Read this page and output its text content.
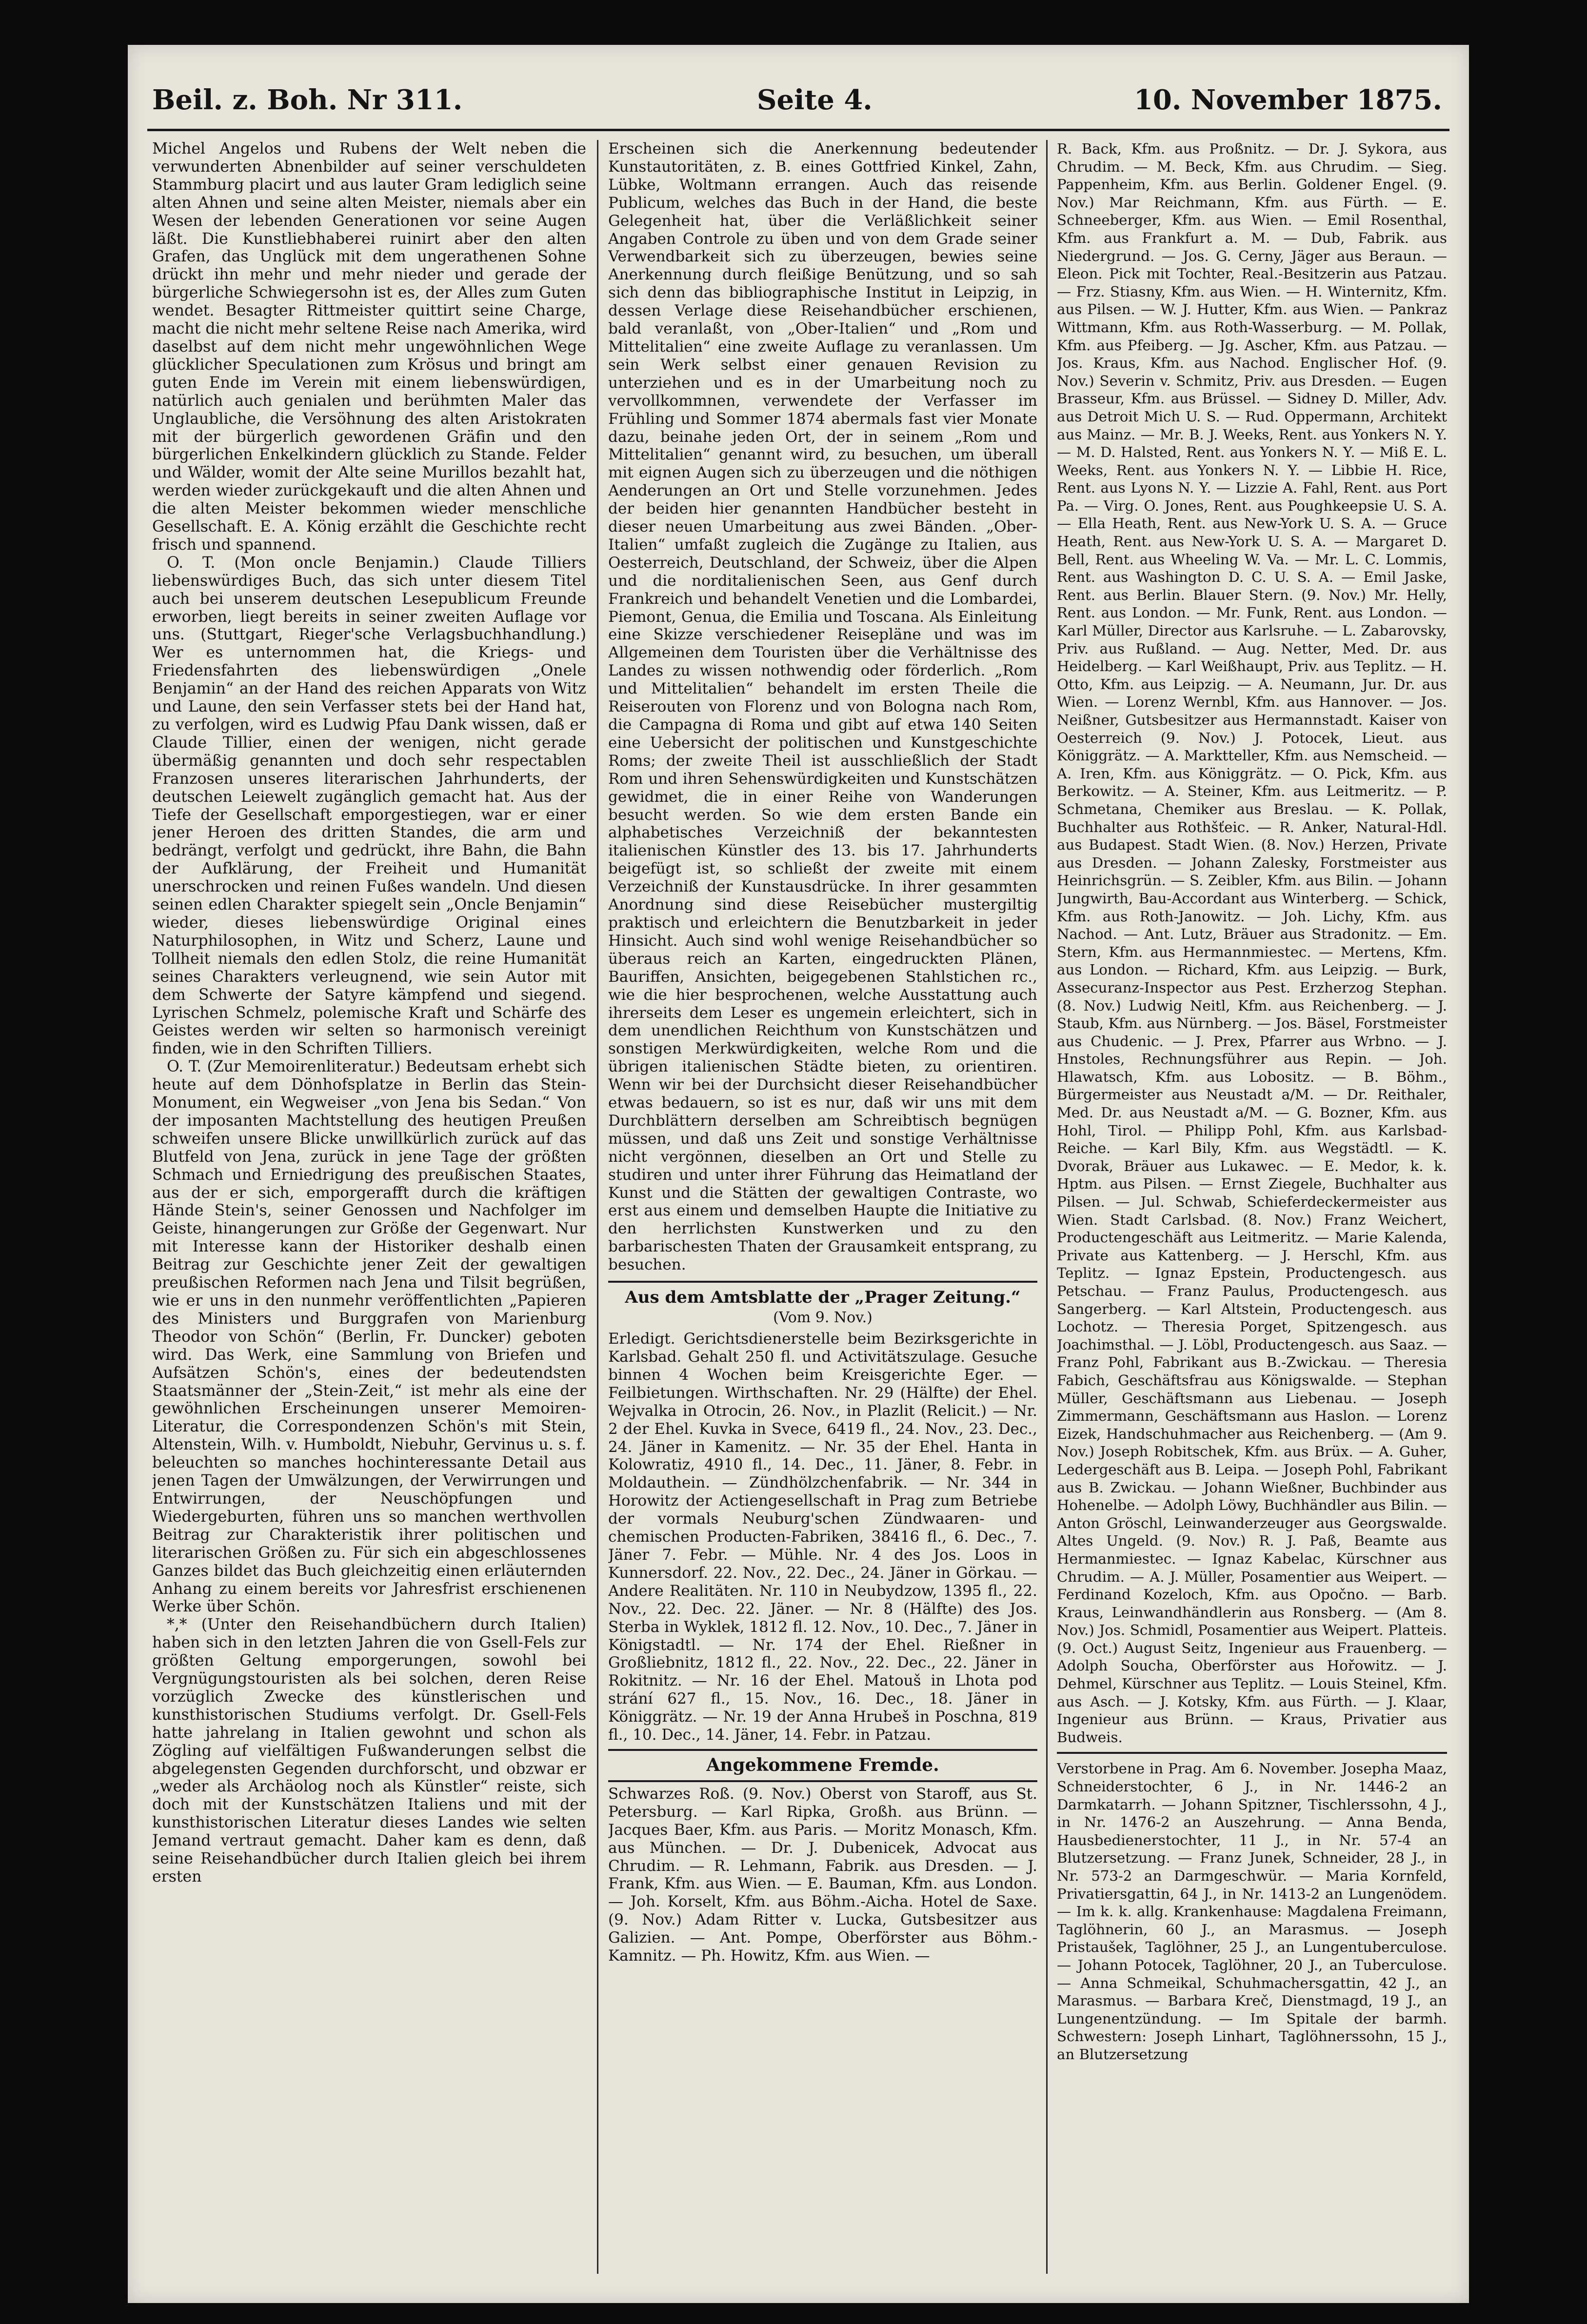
Beil. z. Boh. Nr 311.	Seite 4.	10. November 1875.

Michel Angelos und Rubens der Welt neben die verwunderten Abnenbilder auf seiner verschuldeten Stammburg placirt und aus lauter Gram lediglich seine alten Ahnen und seine alten Meister, niemals aber ein Wesen der lebenden Generationen vor seine Augen läßt. Die Kunstliebhaberei ruinirt aber den alten Grafen, das Unglück mit dem ungerathenen Sohne drückt ihn mehr und mehr nieder und gerade der bürgerliche Schwiegersohn ist es, der Alles zum Guten wendet. Besagter Rittmeister quittirt seine Charge, macht die nicht mehr seltene Reise nach Amerika, wird daselbst auf dem nicht mehr ungewöhnlichen Wege glücklicher Speculationen zum Krösus und bringt am guten Ende im Verein mit einem liebenswürdigen, natürlich auch genialen und berühmten Maler das Unglaubliche, die Versöhnung des alten Aristokraten mit der bürgerlich gewordenen Gräfin und den bürgerlichen Enkelkindern glücklich zu Stande. Felder und Wälder, womit der Alte seine Murillos bezahlt hat, werden wieder zurückgekauft und die alten Ahnen und die alten Meister bekommen wieder menschliche Gesellschaft. E. A. König erzählt die Geschichte recht frisch und spannend.

O. T. (Mon oncle Benjamin.) Claude Tilliers liebenswürdiges Buch, das sich unter diesem Titel auch bei unserem deutschen Lesepublicum Freunde erworben, liegt bereits in seiner zweiten Auflage vor uns. (Stuttgart, Rieger'sche Verlagsbuchhandlung.) Wer es unternommen hat, die Kriegs- und Friedensfahrten des liebenswürdigen „Onele Benjamin“ an der Hand des reichen Apparats von Witz und Laune, den sein Verfasser stets bei der Hand hat, zu verfolgen, wird es Ludwig Pfau Dank wissen, daß er Claude Tillier, einen der wenigen, nicht gerade übermäßig genannten und doch sehr respectablen Franzosen unseres literarischen Jahrhunderts, der deutschen Leiewelt zugänglich gemacht hat. Aus der Tiefe der Gesellschaft emporgestiegen, war er einer jener Heroen des dritten Standes, die arm und bedrängt, verfolgt und gedrückt, ihre Bahn, die Bahn der Aufklärung, der Freiheit und Humanität unerschrocken und reinen Fußes wandeln. Und diesen seinen edlen Charakter spiegelt sein „Oncle Benjamin“ wieder, dieses liebenswürdige Original eines Naturphilosophen, in Witz und Scherz, Laune und Tollheit niemals den edlen Stolz, die reine Humanität seines Charakters verleugnend, wie sein Autor mit dem Schwerte der Satyre kämpfend und siegend. Lyrischen Schmelz, polemische Kraft und Schärfe des Geistes werden wir selten so harmonisch vereinigt finden, wie in den Schriften Tilliers.

O. T. (Zur Memoirenliteratur.) Bedeutsam erhebt sich heute auf dem Dönhofsplatze in Berlin das Stein-Monument, ein Wegweiser „von Jena bis Sedan.“ Von der imposanten Machtstellung des heutigen Preußen schweifen unsere Blicke unwillkürlich zurück auf das Blutfeld von Jena, zurück in jene Tage der größten Schmach und Erniedrigung des preußischen Staates, aus der er sich, emporgerafft durch die kräftigen Hände Stein's, seiner Genossen und Nachfolger im Geiste, hinangerungen zur Größe der Gegenwart. Nur mit Interesse kann der Historiker deshalb einen Beitrag zur Geschichte jener Zeit der gewaltigen preußischen Reformen nach Jena und Tilsit begrüßen, wie er uns in den nunmehr veröffentlichten „Papieren des Ministers und Burggrafen von Marienburg Theodor von Schön“ (Berlin, Fr. Duncker) geboten wird. Das Werk, eine Sammlung von Briefen und Aufsätzen Schön's, eines der bedeutendsten Staatsmänner der „Stein-Zeit,“ ist mehr als eine der gewöhnlichen Erscheinungen unserer Memoiren-Literatur, die Correspondenzen Schön's mit Stein, Altenstein, Wilh. v. Humboldt, Niebuhr, Gervinus u. s. f. beleuchten so manches hochinteressante Detail aus jenen Tagen der Umwälzungen, der Verwirrungen und Entwirrungen, der Neuschöpfungen und Wiedergeburten, führen uns so manchen werthvollen Beitrag zur Charakteristik ihrer politischen und literarischen Größen zu. Für sich ein abgeschlossenes Ganzes bildet das Buch gleichzeitig einen erläuternden Anhang zu einem bereits vor Jahresfrist erschienenen Werke über Schön.

*,* (Unter den Reisehandbüchern durch Italien) haben sich in den letzten Jahren die von Gsell-Fels zur größten Geltung emporgerungen, sowohl bei Vergnügungstouristen als bei solchen, deren Reise vorzüglich Zwecke des künstlerischen und kunsthistorischen Studiums verfolgt. Dr. Gsell-Fels hatte jahrelang in Italien gewohnt und schon als Zögling auf vielfältigen Fußwanderungen selbst die abgelegensten Gegenden durchforscht, und obzwar er „weder als Archäolog noch als Künstler“ reiste, sich doch mit der Kunstschätzen Italiens und mit der kunsthistorischen Literatur dieses Landes wie selten Jemand vertraut gemacht. Daher kam es denn, daß seine Reisehandbücher durch Italien gleich bei ihrem ersten

Erscheinen sich die Anerkennung bedeutender Kunstautoritäten, z. B. eines Gottfried Kinkel, Zahn, Lübke, Woltmann errangen. Auch das reisende Publicum, welches das Buch in der Hand, die beste Gelegenheit hat, über die Verläßlichkeit seiner Angaben Controle zu üben und von dem Grade seiner Verwendbarkeit sich zu überzeugen, bewies seine Anerkennung durch fleißige Benützung, und so sah sich denn das bibliographische Institut in Leipzig, in dessen Verlage diese Reisehandbücher erschienen, bald veranlaßt, von „Ober-Italien“ und „Rom und Mittelitalien“ eine zweite Auflage zu veranlassen. Um sein Werk selbst einer genauen Revision zu unterziehen und es in der Umarbeitung noch zu vervollkommnen, verwendete der Verfasser im Frühling und Sommer 1874 abermals fast vier Monate dazu, beinahe jeden Ort, der in seinem „Rom und Mittelitalien“ genannt wird, zu besuchen, um überall mit eignen Augen sich zu überzeugen und die nöthigen Aenderungen an Ort und Stelle vorzunehmen. Jedes der beiden hier genannten Handbücher besteht in dieser neuen Umarbeitung aus zwei Bänden. „Ober-Italien“ umfaßt zugleich die Zugänge zu Italien, aus Oesterreich, Deutschland, der Schweiz, über die Alpen und die norditalienischen Seen, aus Genf durch Frankreich und behandelt Venetien und die Lombardei, Piemont, Genua, die Emilia und Toscana. Als Einleitung eine Skizze verschiedener Reisepläne und was im Allgemeinen dem Touristen über die Verhältnisse des Landes zu wissen nothwendig oder förderlich. „Rom und Mittelitalien“ behandelt im ersten Theile die Reiserouten von Florenz und von Bologna nach Rom, die Campagna di Roma und gibt auf etwa 140 Seiten eine Uebersicht der politischen und Kunstgeschichte Roms; der zweite Theil ist ausschließlich der Stadt Rom und ihren Sehenswürdigkeiten und Kunstschätzen gewidmet, die in einer Reihe von Wanderungen besucht werden. So wie dem ersten Bande ein alphabetisches Verzeichniß der bekanntesten italienischen Künstler des 13. bis 17. Jahrhunderts beigefügt ist, so schließt der zweite mit einem Verzeichniß der Kunstausdrücke. In ihrer gesammten Anordnung sind diese Reisebücher mustergiltig praktisch und erleichtern die Benutzbarkeit in jeder Hinsicht. Auch sind wohl wenige Reisehandbücher so überaus reich an Karten, eingedruckten Plänen, Bauriffen, Ansichten, beigegebenen Stahlstichen rc., wie die hier besprochenen, welche Ausstattung auch ihrerseits dem Leser es ungemein erleichtert, sich in dem unendlichen Reichthum von Kunstschätzen und sonstigen Merkwürdigkeiten, welche Rom und die übrigen italienischen Städte bieten, zu orientiren. Wenn wir bei der Durchsicht dieser Reisehandbücher etwas bedauern, so ist es nur, daß wir uns mit dem Durchblättern derselben am Schreibtisch begnügen müssen, und daß uns Zeit und sonstige Verhältnisse nicht vergönnen, dieselben an Ort und Stelle zu studiren und unter ihrer Führung das Heimatland der Kunst und die Stätten der gewaltigen Contraste, wo erst aus einem und demselben Haupte die Initiative zu den herrlichsten Kunstwerken und zu den barbarischesten Thaten der Grausamkeit entsprang, zu besuchen.

Aus dem Amtsblatte der „Prager Zeitung.“
(Vom 9. Nov.)

Erledigt. Gerichtsdienerstelle beim Bezirksgerichte in Karlsbad. Gehalt 250 fl. und Activitätszulage. Gesuche binnen 4 Wochen beim Kreisgerichte Eger. — Feilbietungen. Wirthschaften. Nr. 29 (Hälfte) der Ehel. Wejvalka in Otrocin, 26. Nov., in Plazlit (Relicit.) — Nr. 2 der Ehel. Kuvka in Svece, 6419 fl., 24. Nov., 23. Dec., 24. Jäner in Kamenitz. — Nr. 35 der Ehel. Hanta in Kolowratiz, 4910 fl., 14. Dec., 11. Jäner, 8. Febr. in Moldauthein. — Zündhölzchenfabrik. — Nr. 344 in Horowitz der Actiengesellschaft in Prag zum Betriebe der vormals Neuburg'schen Zündwaaren- und chemischen Producten-Fabriken, 38416 fl., 6. Dec., 7. Jäner 7. Febr. — Mühle. Nr. 4 des Jos. Loos in Kunnersdorf. 22. Nov., 22. Dec., 24. Jäner in Görkau. — Andere Realitäten. Nr. 110 in Neubydzow, 1395 fl., 22. Nov., 22. Dec. 22. Jäner. — Nr. 8 (Hälfte) des Jos. Sterba in Wyklek, 1812 fl. 12. Nov., 10. Dec., 7. Jäner in Königstadtl. — Nr. 174 der Ehel. Rießner in Großliebnitz, 1812 fl., 22. Nov., 22. Dec., 22. Jäner in Rokitnitz. — Nr. 16 der Ehel. Matouš in Lhota pod strání 627 fl., 15. Nov., 16. Dec., 18. Jäner in Königgrätz. — Nr. 19 der Anna Hrubeš in Poschna, 819 fl., 10. Dec., 14. Jäner, 14. Febr. in Patzau.

Angekommene Fremde.

Schwarzes Roß. (9. Nov.) Oberst von Staroff, aus St. Petersburg. — Karl Ripka, Großh. aus Brünn. — Jacques Baer, Kfm. aus Paris. — Moritz Monasch, Kfm. aus München. — Dr. J. Dubenicek, Advocat aus Chrudim. — R. Lehmann, Fabrik. aus Dresden. — J. Frank, Kfm. aus Wien. — E. Bauman, Kfm. aus London. — Joh. Korselt, Kfm. aus Böhm.-Aicha. Hotel de Saxe. (9. Nov.) Adam Ritter v. Lucka, Gutsbesitzer aus Galizien. — Ant. Pompe, Oberförster aus Böhm.-Kamnitz. — Ph. Howitz, Kfm. aus Wien. —

R. Back, Kfm. aus Proßnitz. — Dr. J. Sykora, aus Chrudim. — M. Beck, Kfm. aus Chrudim. — Sieg. Pappenheim, Kfm. aus Berlin. Goldener Engel. (9. Nov.) Mar Reichmann, Kfm. aus Fürth. — E. Schneeberger, Kfm. aus Wien. — Emil Rosenthal, Kfm. aus Frankfurt a. M. — Dub, Fabrik. aus Niedergrund. — Jos. G. Cerny, Jäger aus Beraun. — Eleon. Pick mit Tochter, Real.-Besitzerin aus Patzau. — Frz. Stiasny, Kfm. aus Wien. — H. Winternitz, Kfm. aus Pilsen. — W. J. Hutter, Kfm. aus Wien. — Pankraz Wittmann, Kfm. aus Roth-Wasserburg. — M. Pollak, Kfm. aus Pfeiberg. — Jg. Ascher, Kfm. aus Patzau. — Jos. Kraus, Kfm. aus Nachod. Englischer Hof. (9. Nov.) Severin v. Schmitz, Priv. aus Dresden. — Eugen Brasseur, Kfm. aus Brüssel. — Sidney D. Miller, Adv. aus Detroit Mich U. S. — Rud. Oppermann, Architekt aus Mainz. — Mr. B. J. Weeks, Rent. aus Yonkers N. Y. — M. D. Halsted, Rent. aus Yonkers N. Y. — Miß E. L. Weeks, Rent. aus Yonkers N. Y. — Libbie H. Rice, Rent. aus Lyons N. Y. — Lizzie A. Fahl, Rent. aus Port Pa. — Virg. O. Jones, Rent. aus Poughkeepsie U. S. A. — Ella Heath, Rent. aus New-York U. S. A. — Gruce Heath, Rent. aus New-York U. S. A. — Margaret D. Bell, Rent. aus Wheeling W. Va. — Mr. L. C. Lommis, Rent. aus Washington D. C. U. S. A. — Emil Jaske, Rent. aus Berlin. Blauer Stern. (9. Nov.) Mr. Helly, Rent. aus London. — Mr. Funk, Rent. aus London. — Karl Müller, Director aus Karlsruhe. — L. Zabarovsky, Priv. aus Rußland. — Aug. Netter, Med. Dr. aus Heidelberg. — Karl Weißhaupt, Priv. aus Teplitz. — H. Otto, Kfm. aus Leipzig. — A. Neumann, Jur. Dr. aus Wien. — Lorenz Wernbl, Kfm. aus Hannover. — Jos. Neißner, Gutsbesitzer aus Hermannstadt. Kaiser von Oesterreich (9. Nov.) J. Potocek, Lieut. aus Königgrätz. — A. Marktteller, Kfm. aus Nemscheid. — A. Iren, Kfm. aus Königgrätz. — O. Pick, Kfm. aus Berkowitz. — A. Steiner, Kfm. aus Leitmeritz. — P. Schmetana, Chemiker aus Breslau. — K. Pollak, Buchhalter aus Rothšťeic. — R. Anker, Natural-Hdl. aus Budapest. Stadt Wien. (8. Nov.) Herzen, Private aus Dresden. — Johann Zalesky, Forstmeister aus Heinrichsgrün. — S. Zeibler, Kfm. aus Bilin. — Johann Jungwirth, Bau-Accordant aus Winterberg. — Schick, Kfm. aus Roth-Janowitz. — Joh. Lichy, Kfm. aus Nachod. — Ant. Lutz, Bräuer aus Stradonitz. — Em. Stern, Kfm. aus Hermannmiestec. — Mertens, Kfm. aus London. — Richard, Kfm. aus Leipzig. — Burk, Assecuranz-Inspector aus Pest. Erzherzog Stephan. (8. Nov.) Ludwig Neitl, Kfm. aus Reichenberg. — J. Staub, Kfm. aus Nürnberg. — Jos. Bäsel, Forstmeister aus Chudenic. — J. Prex, Pfarrer aus Wrbno. — J. Hnstoles, Rechnungsführer aus Repin. — Joh. Hlawatsch, Kfm. aus Lobositz. — B. Böhm., Bürgermeister aus Neustadt a/M. — Dr. Reithaler, Med. Dr. aus Neustadt a/M. — G. Bozner, Kfm. aus Hohl, Tirol. — Philipp Pohl, Kfm. aus Karlsbad-Reiche. — Karl Bily, Kfm. aus Wegstädtl. — K. Dvorak, Bräuer aus Lukawec. — E. Medor, k. k. Hptm. aus Pilsen. — Ernst Ziegele, Buchhalter aus Pilsen. — Jul. Schwab, Schieferdeckermeister aus Wien. Stadt Carlsbad. (8. Nov.) Franz Weichert, Productengeschäft aus Leitmeritz. — Marie Kalenda, Private aus Kattenberg. — J. Herschl, Kfm. aus Teplitz. — Ignaz Epstein, Productengesch. aus Petschau. — Franz Paulus, Productengesch. aus Sangerberg. — Karl Altstein, Productengesch. aus Lochotz. — Theresia Porget, Spitzengesch. aus Joachimsthal. — J. Löbl, Productengesch. aus Saaz. — Franz Pohl, Fabrikant aus B.-Zwickau. — Theresia Fabich, Geschäftsfrau aus Königswalde. — Stephan Müller, Geschäftsmann aus Liebenau. — Joseph Zimmermann, Geschäftsmann aus Haslon. — Lorenz Eizek, Handschuhmacher aus Reichenberg. — (Am 9. Nov.) Joseph Robitschek, Kfm. aus Brüx. — A. Guher, Ledergeschäft aus B. Leipa. — Joseph Pohl, Fabrikant aus B. Zwickau. — Johann Wießner, Buchbinder aus Hohenelbe. — Adolph Löwy, Buchhändler aus Bilin. — Anton Gröschl, Leinwanderzeuger aus Georgswalde. Altes Ungeld. (9. Nov.) R. J. Paß, Beamte aus Hermanmiestec. — Ignaz Kabelac, Kürschner aus Chrudim. — A. J. Müller, Posamentier aus Weipert. — Ferdinand Kozeloch, Kfm. aus Opočno. — Barb. Kraus, Leinwandhändlerin aus Ronsberg. — (Am 8. Nov.) Jos. Schmidl, Posamentier aus Weipert. Platteis. (9. Oct.) August Seitz, Ingenieur aus Frauenberg. — Adolph Soucha, Oberförster aus Hořowitz. — J. Dehmel, Kürschner aus Teplitz. — Louis Steinel, Kfm. aus Asch. — J. Kotsky, Kfm. aus Fürth. — J. Klaar, Ingenieur aus Brünn. — Kraus, Privatier aus Budweis.

Verstorbene in Prag. Am 6. November. Josepha Maaz, Schneiderstochter, 6 J., in Nr. 1446-2 an Darmkatarrh. — Johann Spitzner, Tischlerssohn, 4 J., in Nr. 1476-2 an Auszehrung. — Anna Benda, Hausbedienerstochter, 11 J., in Nr. 57-4 an Blutzersetzung. — Franz Junek, Schneider, 28 J., in Nr. 573-2 an Darmgeschwür. — Maria Kornfeld, Privatiersgattin, 64 J., in Nr. 1413-2 an Lungenödem. — Im k. k. allg. Krankenhause: Magdalena Freimann, Taglöhnerin, 60 J., an Marasmus. — Joseph Pristaušek, Taglöhner, 25 J., an Lungentuberculose. — Johann Potocek, Taglöhner, 20 J., an Tuberculose. — Anna Schmeikal, Schuhmachersgattin, 42 J., an Marasmus. — Barbara Kreč, Dienstmagd, 19 J., an Lungenentzündung. — Im Spitale der barmh. Schwestern: Joseph Linhart, Taglöhnerssohn, 15 J., an Blutzersetzung
